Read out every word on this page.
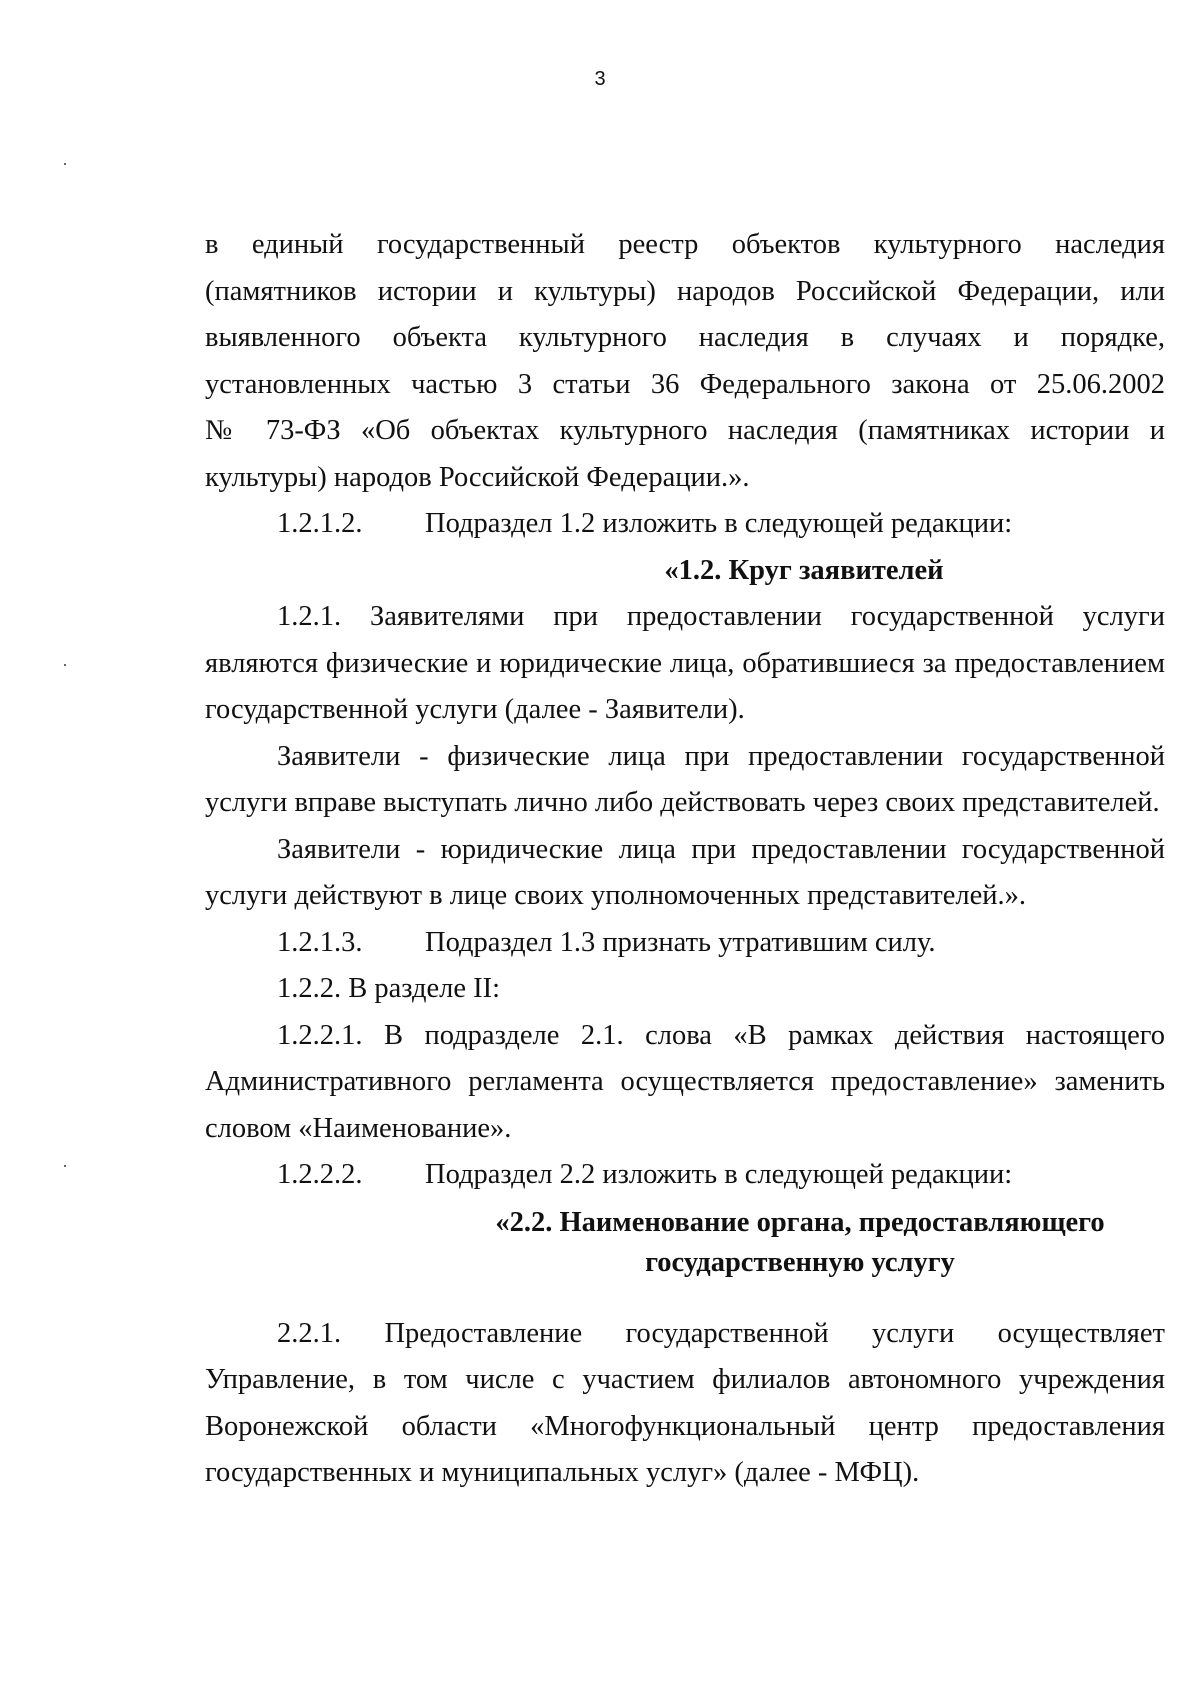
3

в единый государственный реестр объектов культурного наследия

(памятников истории и культуры) народов Российской Федерации, или

выявленного объекта культурного наследия в случаях и порядке,

установленных частью 3 статьи 36 Федерального закона от 25.06.2002

№ 73-ФЗ «Об объектах культурного наследия (памятниках истории и

культуры) народов Российской Федерации.».

1.2.1.2.	Подраздел 1.2 изложить в следующей редакции:

«1.2. Круг заявителей

1.2.1. Заявителями при предоставлении государственной услуги

являются физические и юридические лица, обратившиеся за предоставлением

государственной услуги (далее - Заявители).

Заявители - физические лица при предоставлении государственной

услуги вправе выступать лично либо действовать через своих представителей.

Заявители - юридические лица при предоставлении государственной

услуги действуют в лице своих уполномоченных представителей.».

1.2.1.3.	Подраздел 1.3 признать утратившим силу.

1.2.2. В разделе II:

1.2.2.1. В подразделе 2.1. слова «В рамках действия настоящего

Административного регламента осуществляется предоставление» заменить

словом «Наименование».

1.2.2.2.	Подраздел 2.2 изложить в следующей редакции:

«2.2. Наименование органа, предоставляющего

государственную услугу

2.2.1. Предоставление государственной услуги осуществляет

Управление, в том числе с участием филиалов автономного учреждения

Воронежской области «Многофункциональный центр предоставления

государственных и муниципальных услуг» (далее - МФЦ).
